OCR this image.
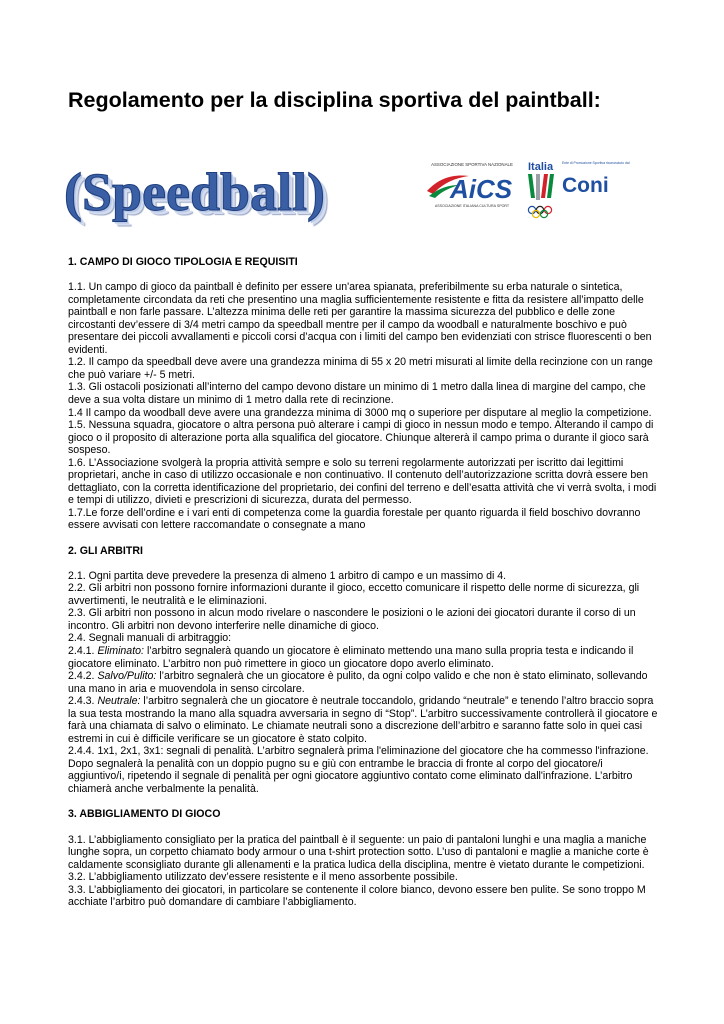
Regolamento per la disciplina sportiva del paintball:
(Speedball)	ASSOCIAZIONE SPORTIVA NAZIONALE
AiCS
ASSOCIAZIONE ITALIANA CULTURA SPORT
Italia	Ente di Promozione Sportiva riconosciuto dal
Coni
1. CAMPO DI GIOCO TIPOLOGIA E REQUISITI

1.1. Un campo di gioco da paintball è definito per essere un'area spianata, preferibilmente su erba naturale o sintetica, completamente circondata da reti che presentino una maglia sufficientemente resistente e fitta da resistere all’impatto delle paintball e non farle passare. L’altezza minima delle reti per garantire la massima sicurezza del pubblico e delle zone circostanti dev’essere di 3/4 metri campo da speedball mentre per il campo da woodball e naturalmente boschivo e può presentare dei piccoli avvallamenti e piccoli corsi d’acqua con i limiti del campo ben evidenziati con strisce fluorescenti o ben evidenti.

1.2. Il campo da speedball deve avere una grandezza minima di 55 x 20 metri misurati al limite della recinzione con un range che può variare +/- 5 metri.

1.3. Gli ostacoli posizionati all’interno del campo devono distare un minimo di 1 metro dalla linea di margine del campo, che deve a sua volta distare un minimo di 1 metro dalla rete di recinzione.

1.4 Il campo da woodball deve avere una grandezza minima di 3000 mq o superiore per disputare al meglio la competizione.

1.5. Nessuna squadra, giocatore o altra persona può alterare i campi di gioco in nessun modo e tempo. Alterando il campo di gioco o il proposito di alterazione porta alla squalifica del giocatore. Chiunque altererà il campo prima o durante il gioco sarà sospeso.

1.6. L’Associazione svolgerà la propria attività sempre e solo su terreni regolarmente autorizzati per iscritto dai legittimi proprietari, anche in caso di utilizzo occasionale e non continuativo. Il contenuto dell’autorizzazione scritta dovrà essere ben dettagliato, con la corretta identificazione del proprietario, dei confini del terreno e dell’esatta attività che vi verrà svolta, i modi e tempi di utilizzo, divieti e prescrizioni di sicurezza, durata del permesso.

1.7.Le forze dell’ordine e i vari enti di competenza come la guardia forestale per quanto riguarda il field boschivo dovranno essere avvisati con lettere raccomandate o consegnate a mano

2. GLI ARBITRI

2.1. Ogni partita deve prevedere la presenza di almeno 1 arbitro di campo e un massimo di 4.

2.2. Gli arbitri non possono fornire informazioni durante il gioco, eccetto comunicare il rispetto delle norme di sicurezza, gli avvertimenti, le neutralità e le eliminazioni.

2.3. Gli arbitri non possono in alcun modo rivelare o nascondere le posizioni o le azioni dei giocatori durante il corso di un incontro. Gli arbitri non devono interferire nelle dinamiche di gioco.

2.4. Segnali manuali di arbitraggio:

2.4.1. Eliminato: l’arbitro segnalerà quando un giocatore è eliminato mettendo una mano sulla propria testa e indicando il giocatore eliminato. L’arbitro non può rimettere in gioco un giocatore dopo averlo eliminato.

2.4.2. Salvo/Pulito: l’arbitro segnalerà che un giocatore è pulito, da ogni colpo valido e che non è stato eliminato, sollevando una mano in aria e muovendola in senso circolare.

2.4.3. Neutrale: l’arbitro segnalerà che un giocatore è neutrale toccandolo, gridando “neutrale” e tenendo l’altro braccio sopra la sua testa mostrando la mano alla squadra avversaria in segno di “Stop”. L’arbitro successivamente controllerà il giocatore e farà una chiamata di salvo o eliminato. Le chiamate neutrali sono a discrezione dell’arbitro e saranno fatte solo in quei casi estremi in cui è difficile verificare se un giocatore è stato colpito.

2.4.4. 1x1, 2x1, 3x1: segnali di penalità. L’arbitro segnalerà prima l'eliminazione del giocatore che ha commesso l'infrazione. Dopo segnalerà la penalità con un doppio pugno su e giù con entrambe le braccia di fronte al corpo del giocatore/i aggiuntivo/i, ripetendo il segnale di penalità per ogni giocatore aggiuntivo contato come eliminato dall'infrazione. L’arbitro chiamerà anche verbalmente la penalità.

3. ABBIGLIAMENTO DI GIOCO

3.1. L’abbigliamento consigliato per la pratica del paintball è il seguente: un paio di pantaloni lunghi e una maglia a maniche lunghe sopra, un corpetto chiamato body armour o una t-shirt protection sotto. L’uso di pantaloni e maglie a maniche corte è caldamente sconsigliato durante gli allenamenti e la pratica ludica della disciplina, mentre è vietato durante le competizioni.

3.2. L’abbigliamento utilizzato dev’essere resistente e il meno assorbente possibile.

3.3. L’abbigliamento dei giocatori, in particolare se contenente il colore bianco, devono essere ben pulite. Se sono troppo M

acchiate l’arbitro può domandare di cambiare l’abbigliamento.
